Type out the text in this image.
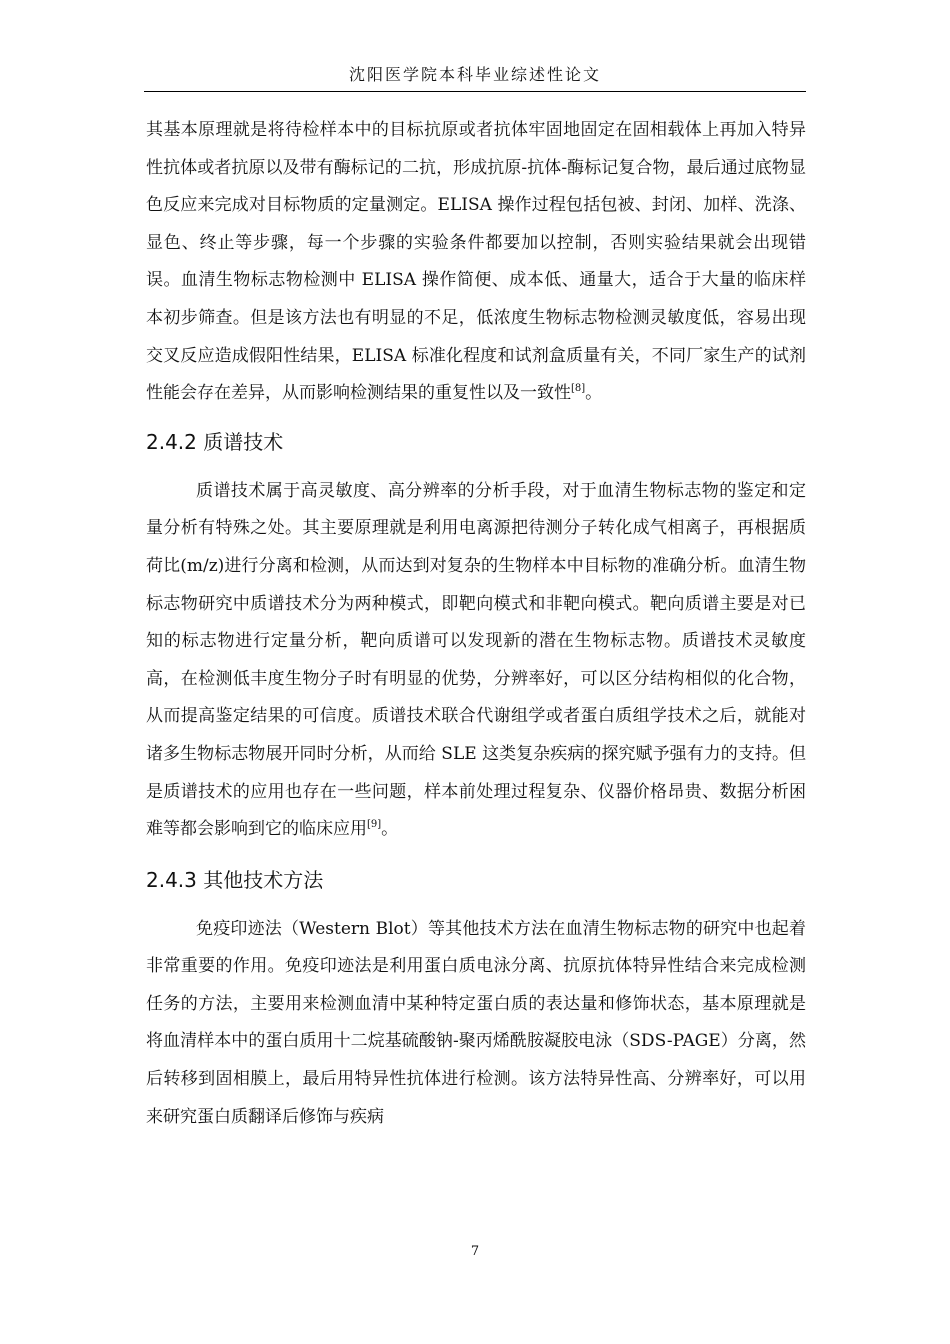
沈阳医学院本科毕业综述性论文

其基本原理就是将待检样本中的目标抗原或者抗体牢固地固定在固相载体上再加入特异性抗体或者抗原以及带有酶标记的二抗，形成抗原-抗体-酶标记复合物，最后通过底物显色反应来完成对目标物质的定量测定。ELISA 操作过程包括包被、封闭、加样、洗涤、显色、终止等步骤，每一个步骤的实验条件都要加以控制，否则实验结果就会出现错误。血清生物标志物检测中 ELISA 操作简便、成本低、通量大，适合于大量的临床样本初步筛查。但是该方法也有明显的不足，低浓度生物标志物检测灵敏度低，容易出现交叉反应造成假阳性结果，ELISA 标准化程度和试剂盒质量有关，不同厂家生产的试剂性能会存在差异，从而影响检测结果的重复性以及一致性[8]。

2.4.2 质谱技术

质谱技术属于高灵敏度、高分辨率的分析手段，对于血清生物标志物的鉴定和定量分析有特殊之处。其主要原理就是利用电离源把待测分子转化成气相离子，再根据质荷比(m/z)进行分离和检测，从而达到对复杂的生物样本中目标物的准确分析。血清生物标志物研究中质谱技术分为两种模式，即靶向模式和非靶向模式。靶向质谱主要是对已知的标志物进行定量分析，靶向质谱可以发现新的潜在生物标志物。质谱技术灵敏度高，在检测低丰度生物分子时有明显的优势，分辨率好，可以区分结构相似的化合物，从而提高鉴定结果的可信度。质谱技术联合代谢组学或者蛋白质组学技术之后，就能对诸多生物标志物展开同时分析，从而给 SLE 这类复杂疾病的探究赋予强有力的支持。但是质谱技术的应用也存在一些问题，样本前处理过程复杂、仪器价格昂贵、数据分析困难等都会影响到它的临床应用[9]。

2.4.3 其他技术方法

免疫印迹法（Western Blot）等其他技术方法在血清生物标志物的研究中也起着非常重要的作用。免疫印迹法是利用蛋白质电泳分离、抗原抗体特异性结合来完成检测任务的方法，主要用来检测血清中某种特定蛋白质的表达量和修饰状态，基本原理就是将血清样本中的蛋白质用十二烷基硫酸钠-聚丙烯酰胺凝胶电泳（SDS-PAGE）分离，然后转移到固相膜上，最后用特异性抗体进行检测。该方法特异性高、分辨率好，可以用来研究蛋白质翻译后修饰与疾病

7
